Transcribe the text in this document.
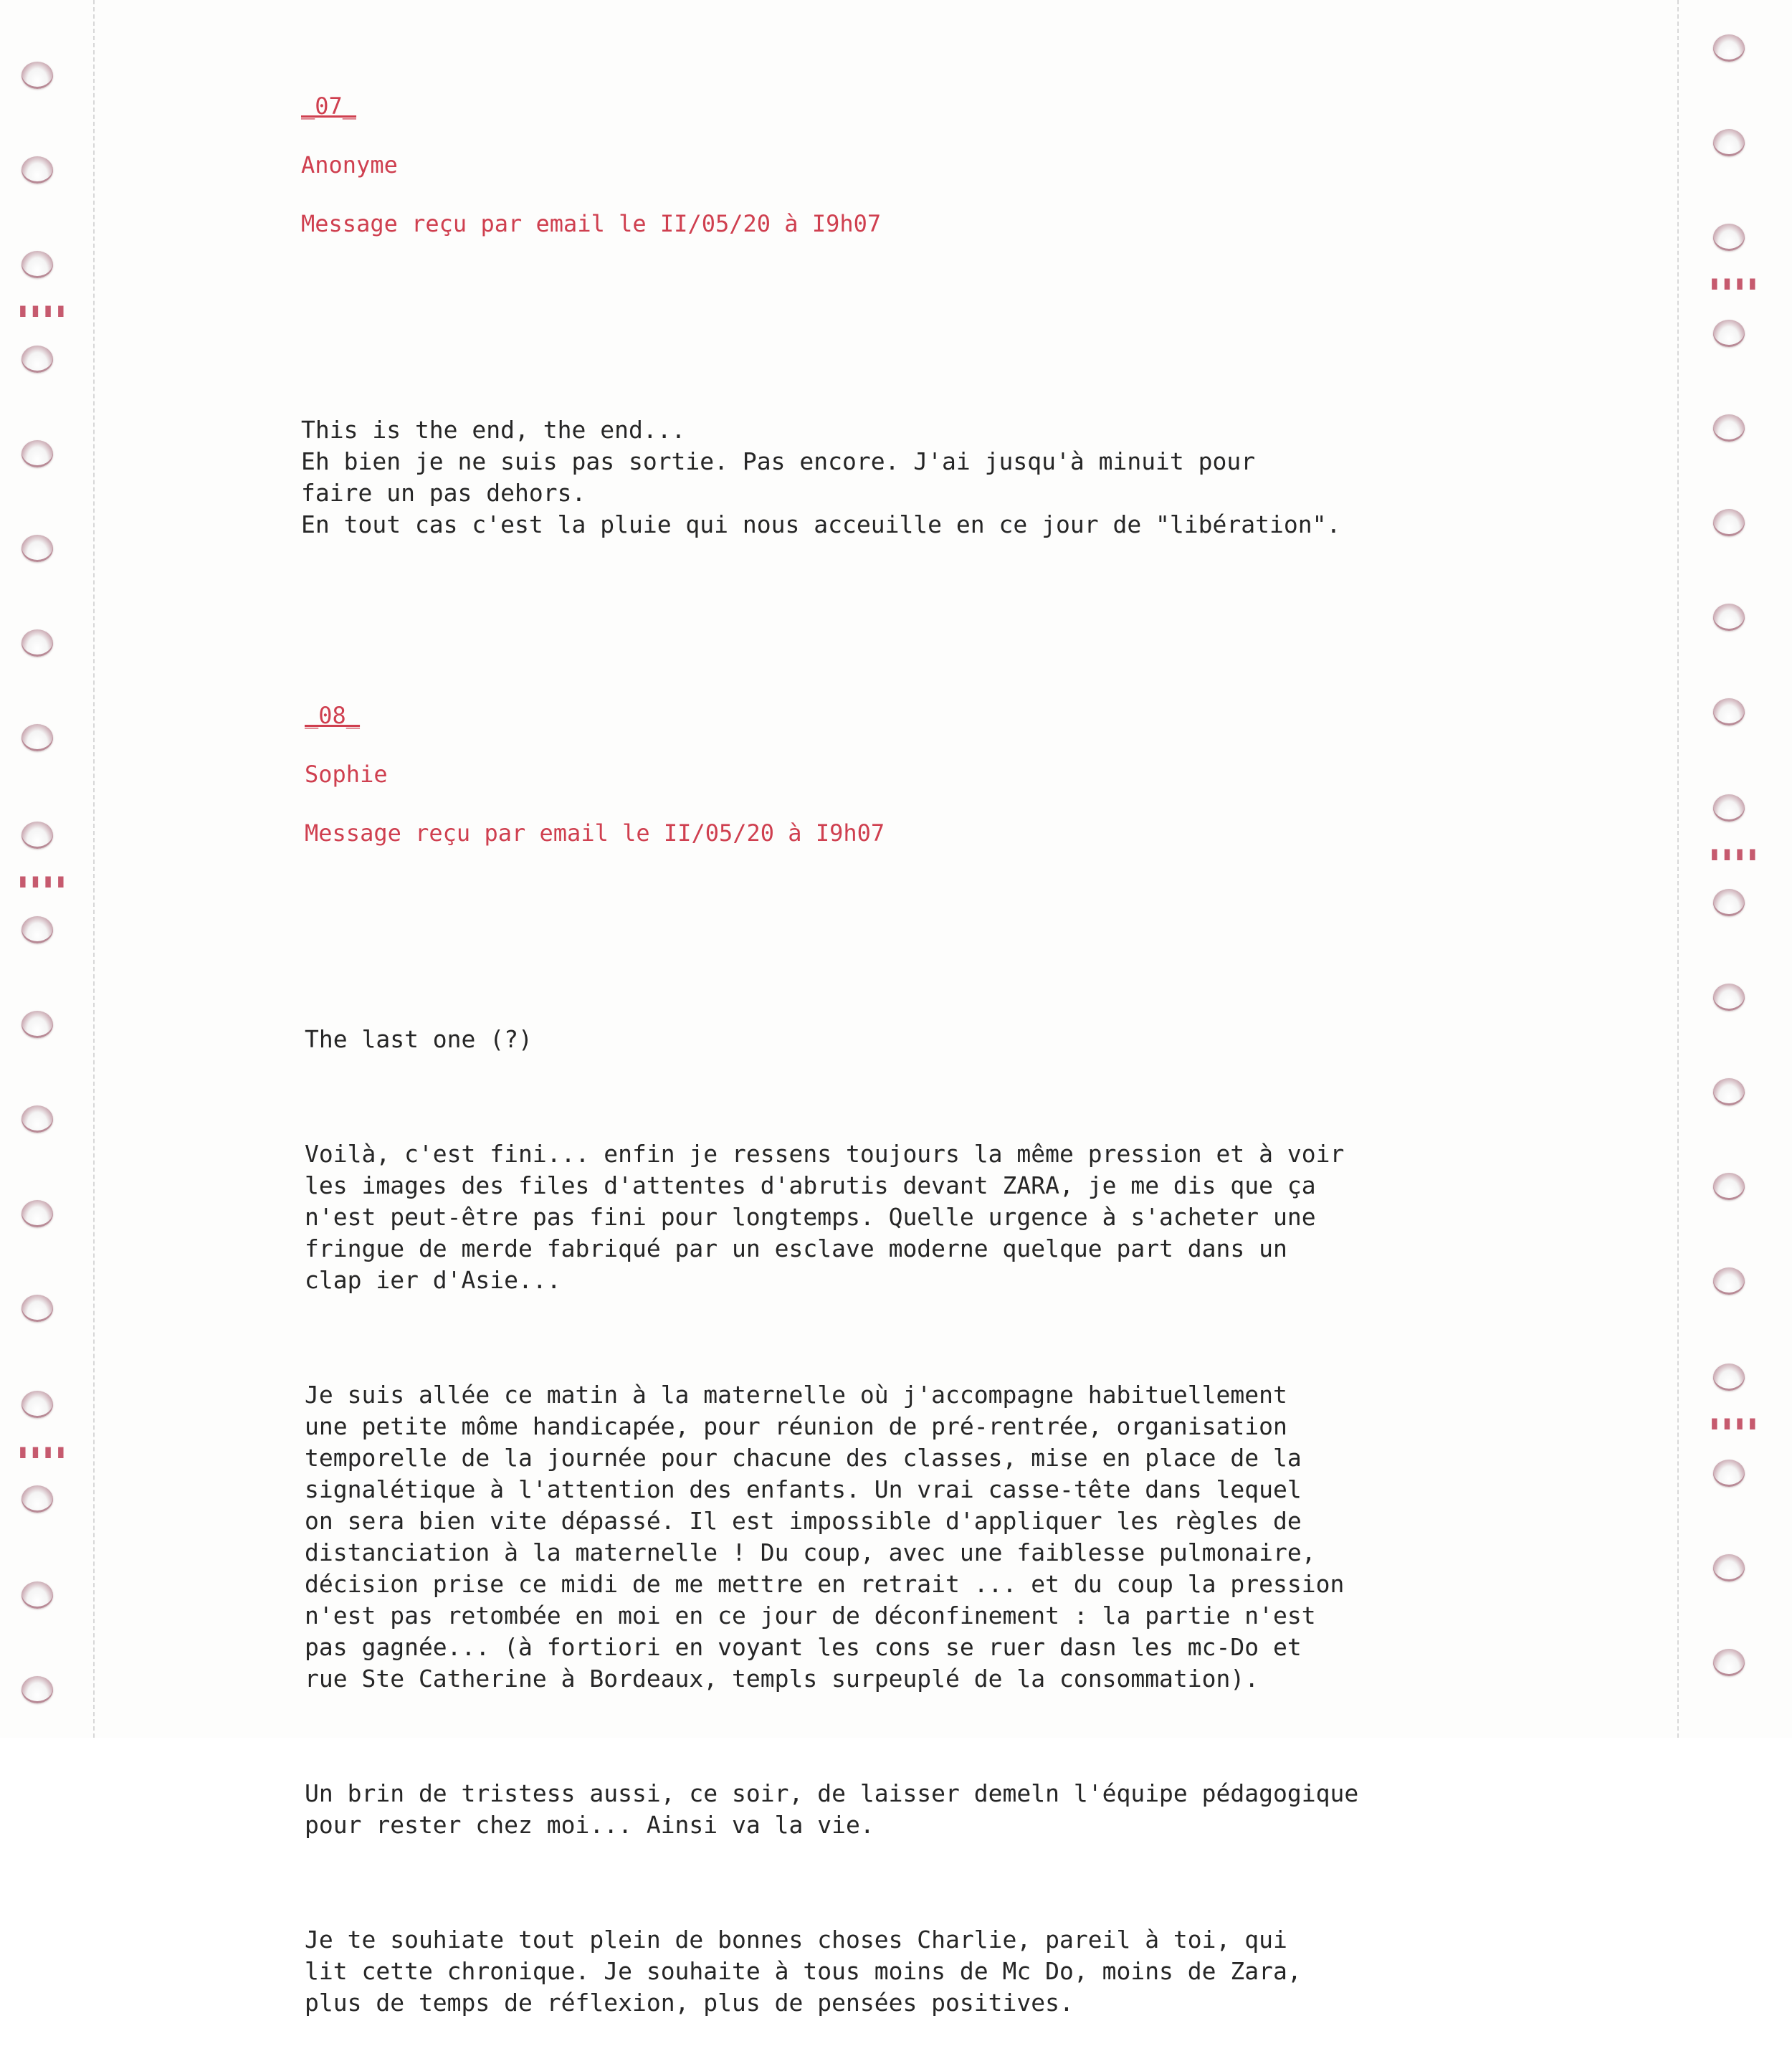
▮▮▮▮
▮▮▮▮
▮▮▮▮
▮▮▮▮
▮▮▮▮
▮▮▮▮

_07_

Anonyme

Message reçu par email le II/05/20 à I9h07

This is the end, the end...
Eh bien je ne suis pas sortie. Pas encore. J'ai jusqu'à minuit pour
faire un pas dehors.
En tout cas c'est la pluie qui nous acceuille en ce jour de "libération".

_08_

Sophie

Message reçu par email le II/05/20 à I9h07

The last one (?)

Voilà, c'est fini... enfin je ressens toujours la même pression et à voir
les images des files d'attentes d'abrutis devant ZARA, je me dis que ça
n'est peut-être pas fini pour longtemps. Quelle urgence à s'acheter une
fringue de merde fabriqué par un esclave moderne quelque part dans un
clap ier d'Asie...

Je suis allée ce matin à la maternelle où j'accompagne habituellement
une petite môme handicapée, pour réunion de pré-rentrée, organisation
temporelle de la journée pour chacune des classes, mise en place de la
signalétique à l'attention des enfants. Un vrai casse-tête dans lequel
on sera bien vite dépassé. Il est impossible d'appliquer les règles de
distanciation à la maternelle ! Du coup, avec une faiblesse pulmonaire,
décision prise ce midi de me mettre en retrait ... et du coup la pression
n'est pas retombée en moi en ce jour de déconfinement : la partie n'est
pas gagnée... (à fortiori en voyant les cons se ruer dasn les mc-Do et
rue Ste Catherine à Bordeaux, templs surpeuplé de la consommation).

Un brin de tristess aussi, ce soir, de laisser demeln l'équipe pédagogique
pour rester chez moi... Ainsi va la vie.

Je te souhiate tout plein de bonnes choses Charlie, pareil à toi, qui
lit cette chronique. Je souhaite à tous moins de Mc Do, moins de Zara,
plus de temps de réflexion, plus de pensées positives.
